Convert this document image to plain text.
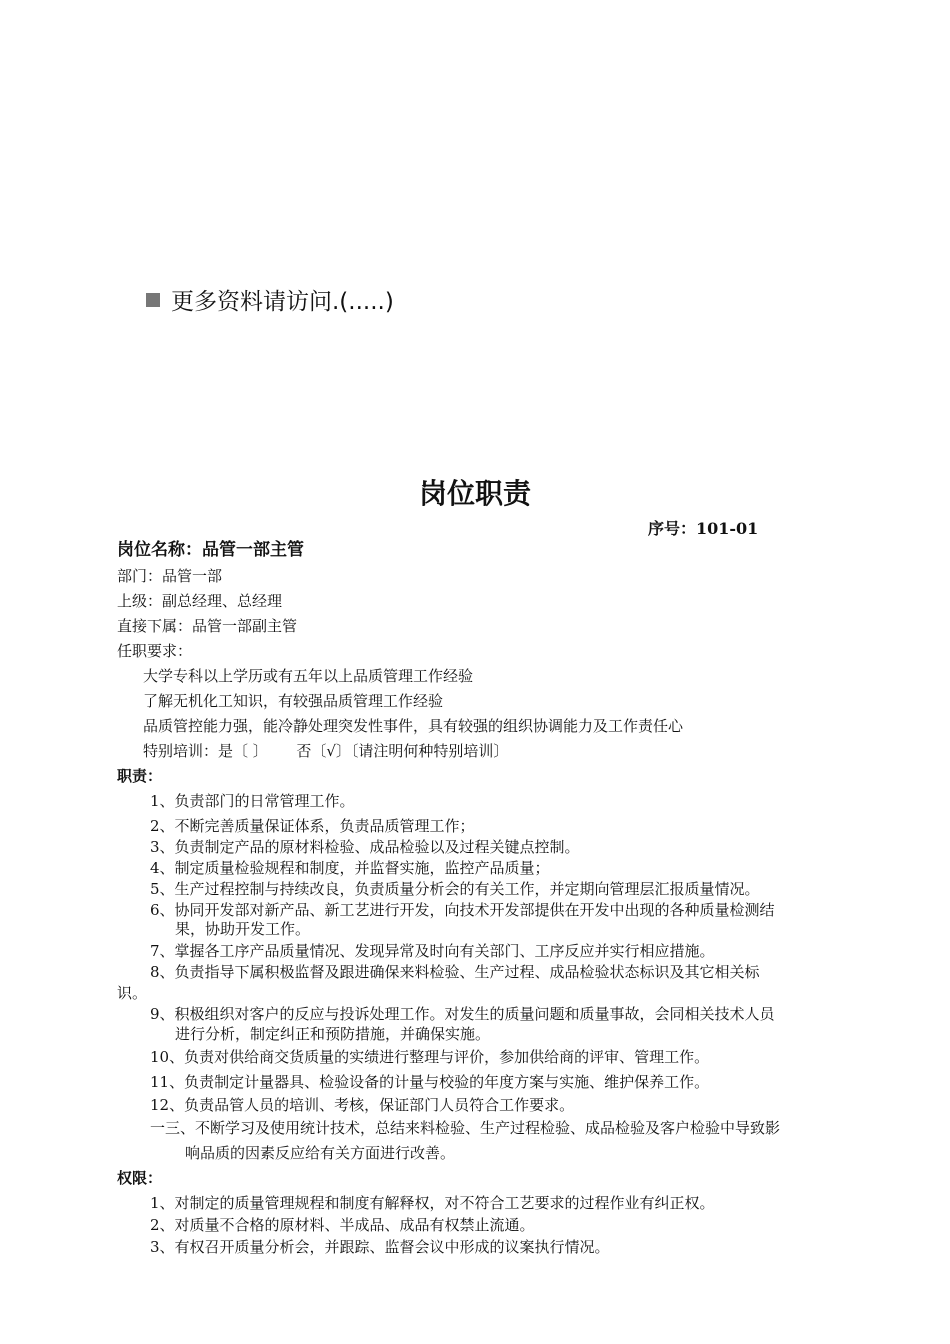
更多资料请访问.(.....)
岗位职责
序号：101-01
岗位名称：品管一部主管
部门：品管一部
上级：副总经理、总经理
直接下属：品管一部副主管
任职要求：
大学专科以上学历或有五年以上品质管理工作经验
了解无机化工知识，有较强品质管理工作经验
品质管控能力强，能冷静处理突发性事件，具有较强的组织协调能力及工作责任心
特别培训：是〔 〕      否〔√〕〔请注明何种特别培训〕
职责：
1、负责部门的日常管理工作。
2、不断完善质量保证体系，负责品质管理工作；
3、负责制定产品的原材料检验、成品检验以及过程关键点控制。
4、制定质量检验规程和制度，并监督实施，监控产品质量；
5、生产过程控制与持续改良，负责质量分析会的有关工作，并定期向管理层汇报质量情况。
6、协同开发部对新产品、新工艺进行开发，向技术开发部提供在开发中出现的各种质量检测结
果，协助开发工作。
7、掌握各工序产品质量情况、发现异常及时向有关部门、工序反应并实行相应措施。
8、负责指导下属积极监督及跟进确保来料检验、生产过程、成品检验状态标识及其它相关标
识。
9、积极组织对客户的反应与投诉处理工作。对发生的质量问题和质量事故，会同相关技术人员
进行分析，制定纠正和预防措施，并确保实施。
10、负责对供给商交货质量的实绩进行整理与评价，参加供给商的评审、管理工作。
11、负责制定计量器具、检验设备的计量与校验的年度方案与实施、维护保养工作。
12、负责品管人员的培训、考核，保证部门人员符合工作要求。
一三、不断学习及使用统计技术，总结来料检验、生产过程检验、成品检验及客户检验中导致影
响品质的因素反应给有关方面进行改善。
权限：
1、对制定的质量管理规程和制度有解释权，对不符合工艺要求的过程作业有纠正权。
2、对质量不合格的原材料、半成品、成品有权禁止流通。
3、有权召开质量分析会，并跟踪、监督会议中形成的议案执行情况。
